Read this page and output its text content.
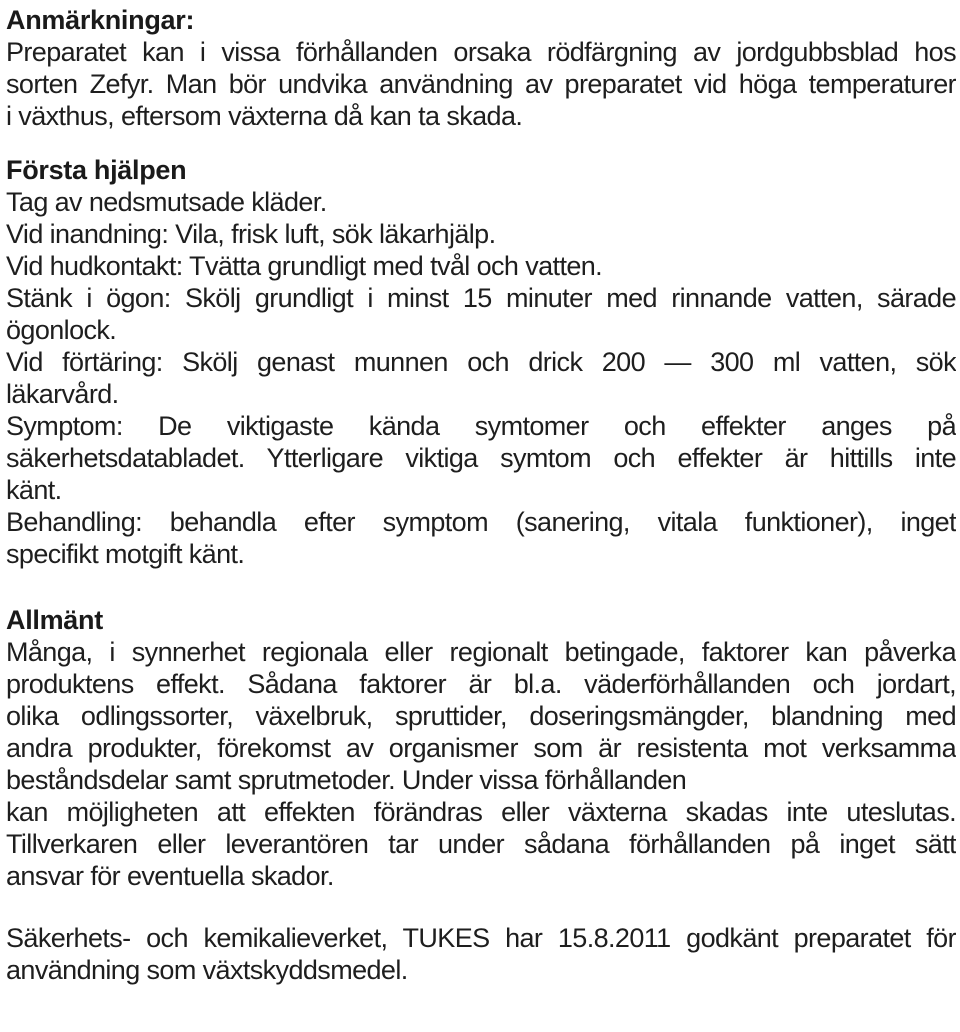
Anmärkningar:
Preparatet kan i vissa förhållanden orsaka rödfärgning av jordgubbsblad hos
sorten Zefyr. Man bör undvika användning av preparatet vid höga temperaturer
i växthus, eftersom växterna då kan ta skada.
Första hjälpen
Tag av nedsmutsade kläder.
Vid inandning: Vila, frisk luft, sök läkarhjälp.
Vid hudkontakt: Tvätta grundligt med tvål och vatten.
Stänk i ögon: Skölj grundligt i minst 15 minuter med rinnande vatten, särade
ögonlock.
Vid förtäring: Skölj genast munnen och drick 200 — 300 ml vatten, sök
läkarvård.
Symptom: De viktigaste kända symtomer och effekter anges på
säkerhetsdatabladet. Ytterligare viktiga symtom och effekter är hittills inte
känt.
Behandling: behandla efter symptom (sanering, vitala funktioner), inget
specifikt motgift känt.
Allmänt
Många, i synnerhet regionala eller regionalt betingade, faktorer kan påverka
produktens effekt. Sådana faktorer är bl.a. väderförhållanden och jordart,
olika odlingssorter, växelbruk, spruttider, doseringsmängder, blandning med
andra produkter, förekomst av organismer som är resistenta mot verksamma
beståndsdelar samt sprutmetoder. Under vissa förhållanden
kan möjligheten att effekten förändras eller växterna skadas inte uteslutas.
Tillverkaren eller leverantören tar under sådana förhållanden på inget sätt
ansvar för eventuella skador.
Säkerhets- och kemikalieverket, TUKES har 15.8.2011 godkänt preparatet för
användning som växtskyddsmedel.
